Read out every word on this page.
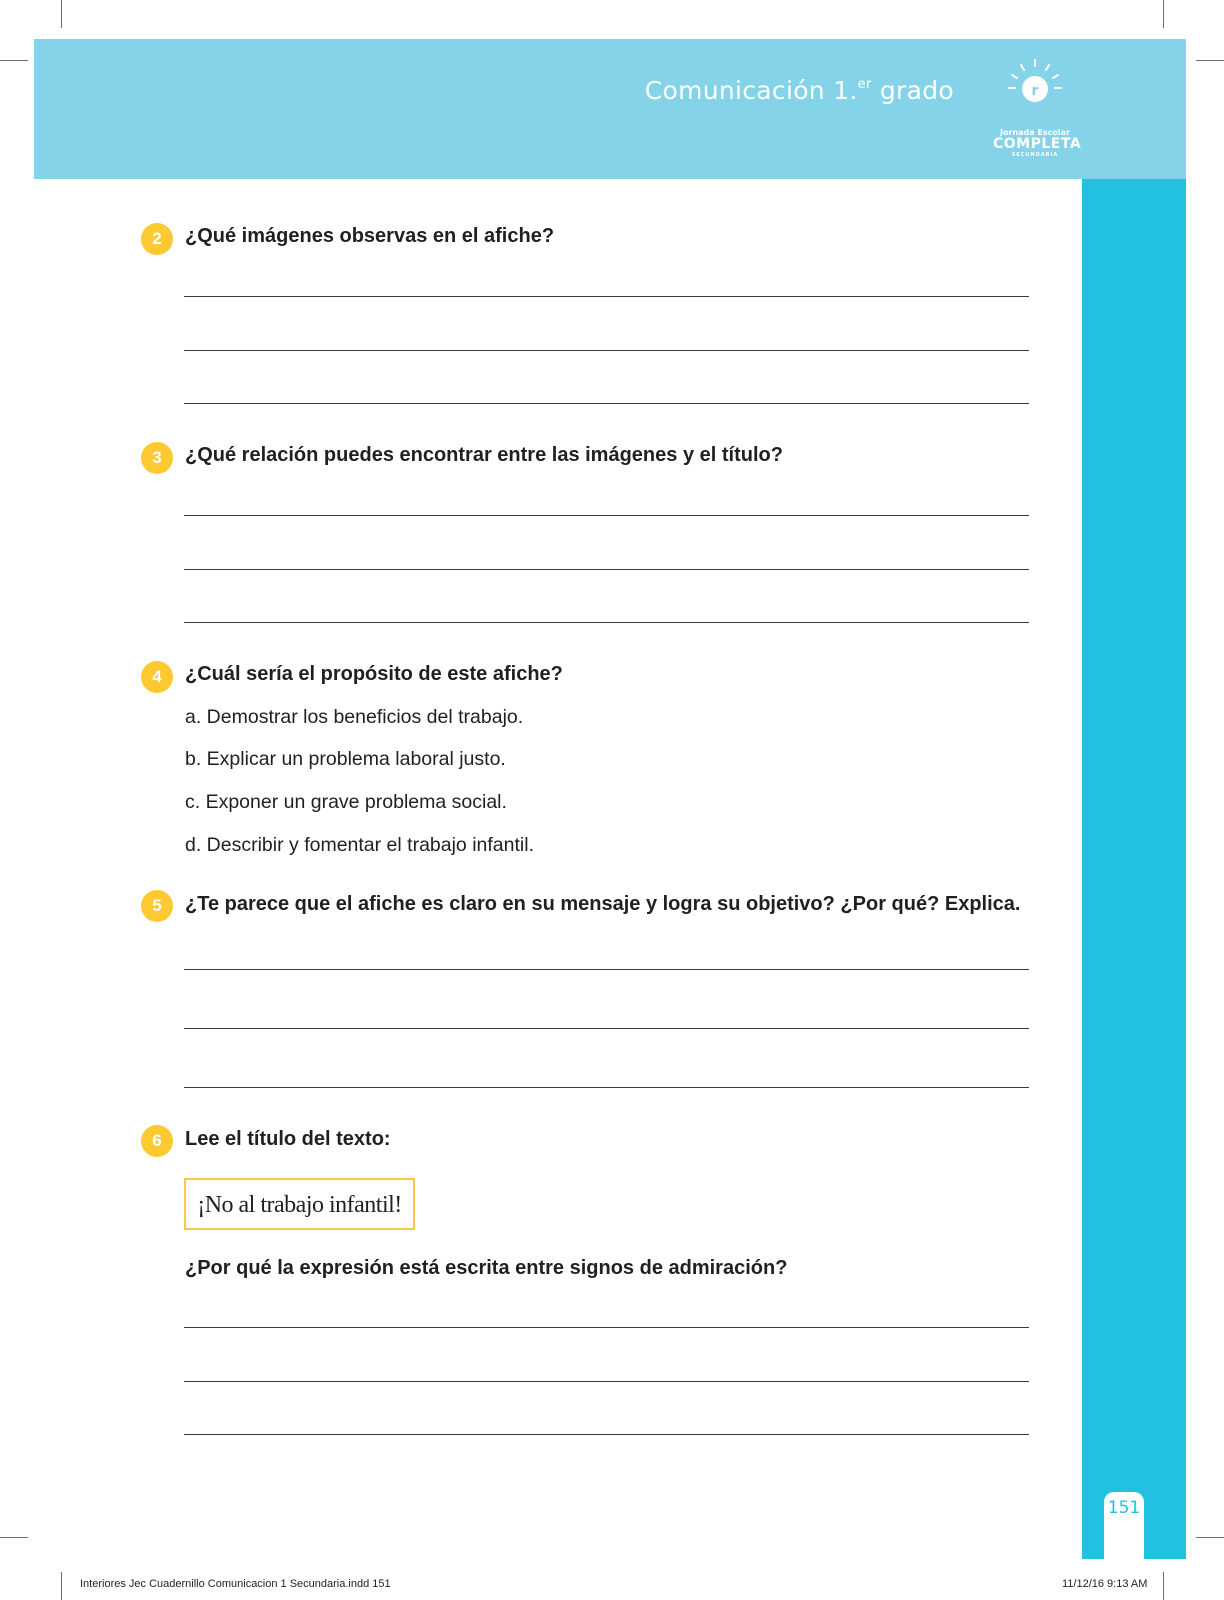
Comunicación 1.$^{er}$ grado	r
Jornada Escolar
COMPLETA
SECUNDARIA
151
2	¿Qué imágenes observas en el afiche?
3	¿Qué relación puedes encontrar entre las imágenes y el título?
4	¿Cuál sería el propósito de este afiche?
a. Demostrar los beneficios del trabajo.
b. Explicar un problema laboral justo.
c. Exponer un grave problema social.
d. Describir y fomentar el trabajo infantil.
5	¿Te parece que el afiche es claro en su mensaje y logra su objetivo? ¿Por qué? Explica.
6	Lee el título del texto:
¡No al trabajo infantil!
¿Por qué la expresión está escrita entre signos de admiración?
Interiores Jec Cuadernillo Comunicacion 1 Secundaria.indd 151	11/12/16 9:13 AM
